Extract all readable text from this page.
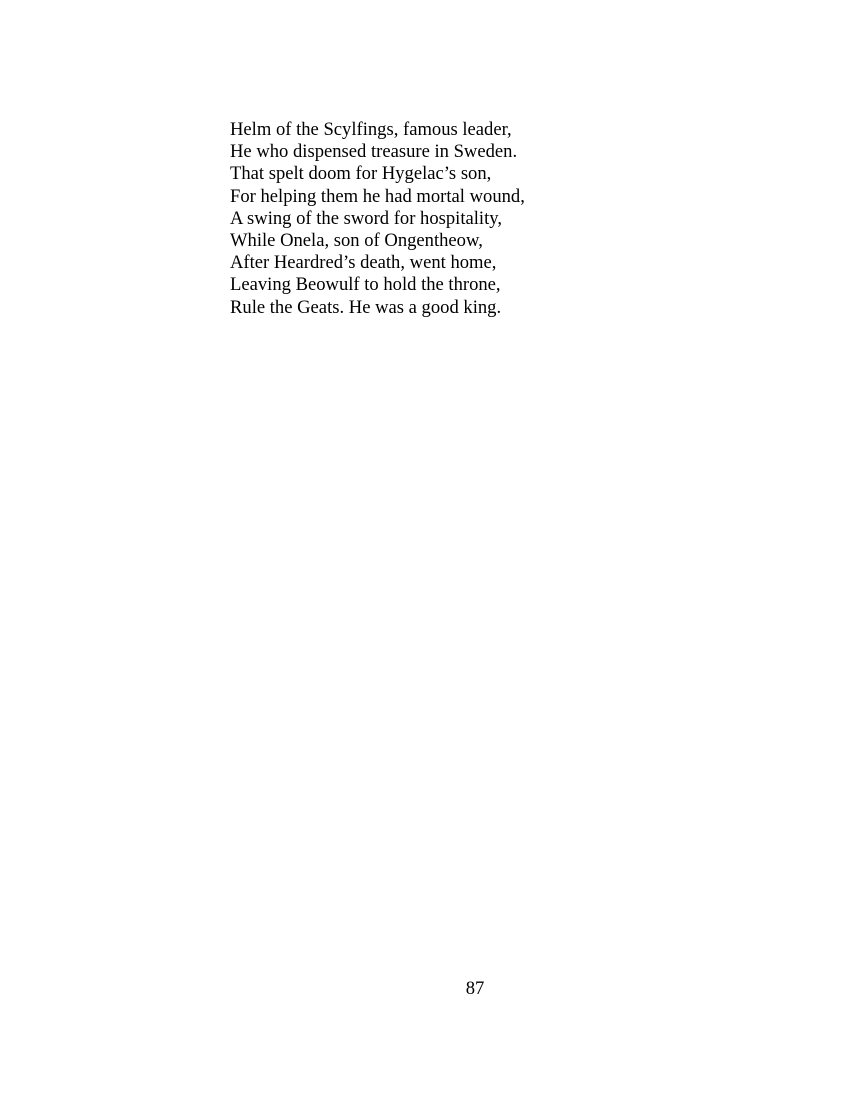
Helm of the Scylfings, famous leader,
He who dispensed treasure in Sweden.
That spelt doom for Hygelac’s son,
For helping them he had mortal wound,
A swing of the sword for hospitality,
While Onela, son of Ongentheow,
After Heardred’s death, went home,
Leaving Beowulf to hold the throne,
Rule the Geats. He was a good king.
87
